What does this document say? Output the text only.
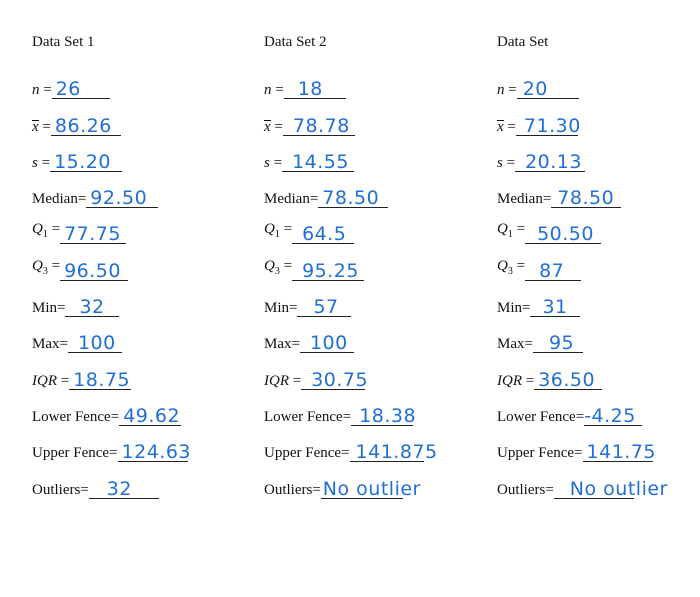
Data Set 1
n = 26
x = 86.26
s = 15.20
Median= 92.50
$Q_1 = 77.75$
$Q_3 = 96.50$
Min= 32
Max= 100
IQR = 18.75
Lower Fence= 49.62
Upper Fence= 124.63
Outliers= 32
Data Set 2
n = 18
x = 78.78
s = 14.55
Median= 78.50
$Q_1 = 64.5$
$Q_3 = 95.25$
Min= 57
Max= 100
IQR = 30.75
Lower Fence= 18.38
Upper Fence= 141.875
Outliers= No outlier
Data Set
n = 20
x = 71.30
s = 20.13
Median= 78.50
$Q_1 = 50.50$
$Q_3 = 87$
Min= 31
Max= 95
IQR = 36.50
Lower Fence= -4.25
Upper Fence= 141.75
Outliers= No outlier
